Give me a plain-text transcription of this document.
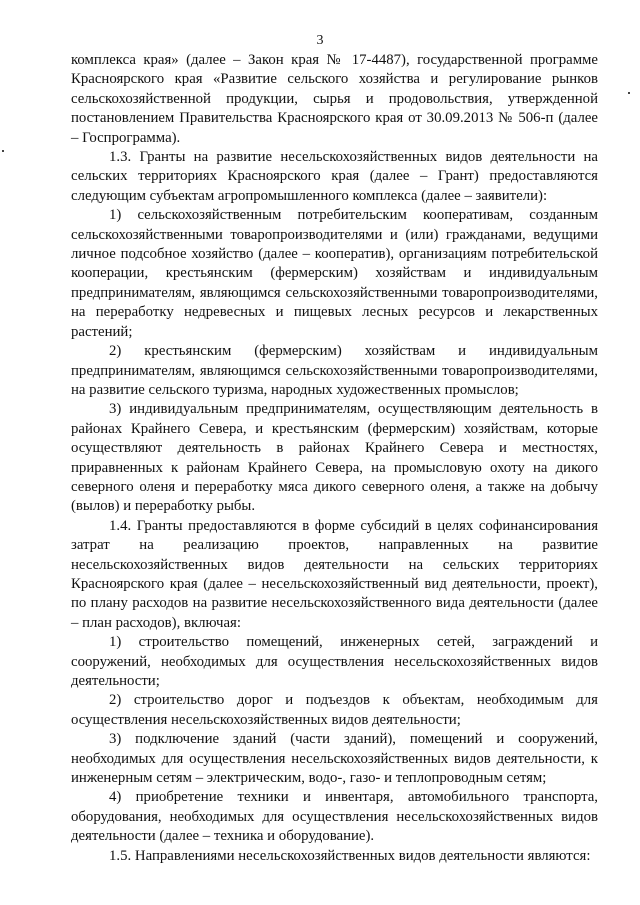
3

комплекса края» (далее – Закон края № 17-4487), государственной программе Красноярского края «Развитие сельского хозяйства и регулирование рынков сельскохозяйственной продукции, сырья и продовольствия, утвержденной постановлением Правительства Красноярского края от 30.09.2013 № 506-п (далее – Госпрограмма).

1.3. Гранты на развитие несельскохозяйственных видов деятельности на сельских территориях Красноярского края (далее – Грант) предоставляются следующим субъектам агропромышленного комплекса (далее – заявители):

1) сельскохозяйственным потребительским кооперативам, созданным сельскохозяйственными товаропроизводителями и (или) гражданами, ведущими личное подсобное хозяйство (далее – кооператив), организациям потребительской кооперации, крестьянским (фермерским) хозяйствам и индивидуальным предпринимателям, являющимся сельскохозяйственными товаропроизводителями, на переработку недревесных и пищевых лесных ресурсов и лекарственных растений;

2) крестьянским (фермерским) хозяйствам и индивидуальным предпринимателям, являющимся сельскохозяйственными товаропроизводителями, на развитие сельского туризма, народных художественных промыслов;

3) индивидуальным предпринимателям, осуществляющим деятельность в районах Крайнего Севера, и крестьянским (фермерским) хозяйствам, которые осуществляют деятельность в районах Крайнего Севера и местностях, приравненных к районам Крайнего Севера, на промысловую охоту на дикого северного оленя и переработку мяса дикого северного оленя, а также на добычу (вылов) и переработку рыбы.

1.4. Гранты предоставляются в форме субсидий в целях софинансирования затрат на реализацию проектов, направленных на развитие несельскохозяйственных видов деятельности на сельских территориях Красноярского края (далее – несельскохозяйственный вид деятельности, проект), по плану расходов на развитие несельскохозяйственного вида деятельности (далее – план расходов), включая:

1) строительство помещений, инженерных сетей, заграждений и сооружений, необходимых для осуществления несельскохозяйственных видов деятельности;

2) строительство дорог и подъездов к объектам, необходимым для осуществления несельскохозяйственных видов деятельности;

3) подключение зданий (части зданий), помещений и сооружений, необходимых для осуществления несельскохозяйственных видов деятельности, к инженерным сетям – электрическим, водо-, газо- и теплопроводным сетям;

4) приобретение техники и инвентаря, автомобильного транспорта, оборудования, необходимых для осуществления несельскохозяйственных видов деятельности (далее – техника и оборудование).

1.5. Направлениями несельскохозяйственных видов деятельности являются:
